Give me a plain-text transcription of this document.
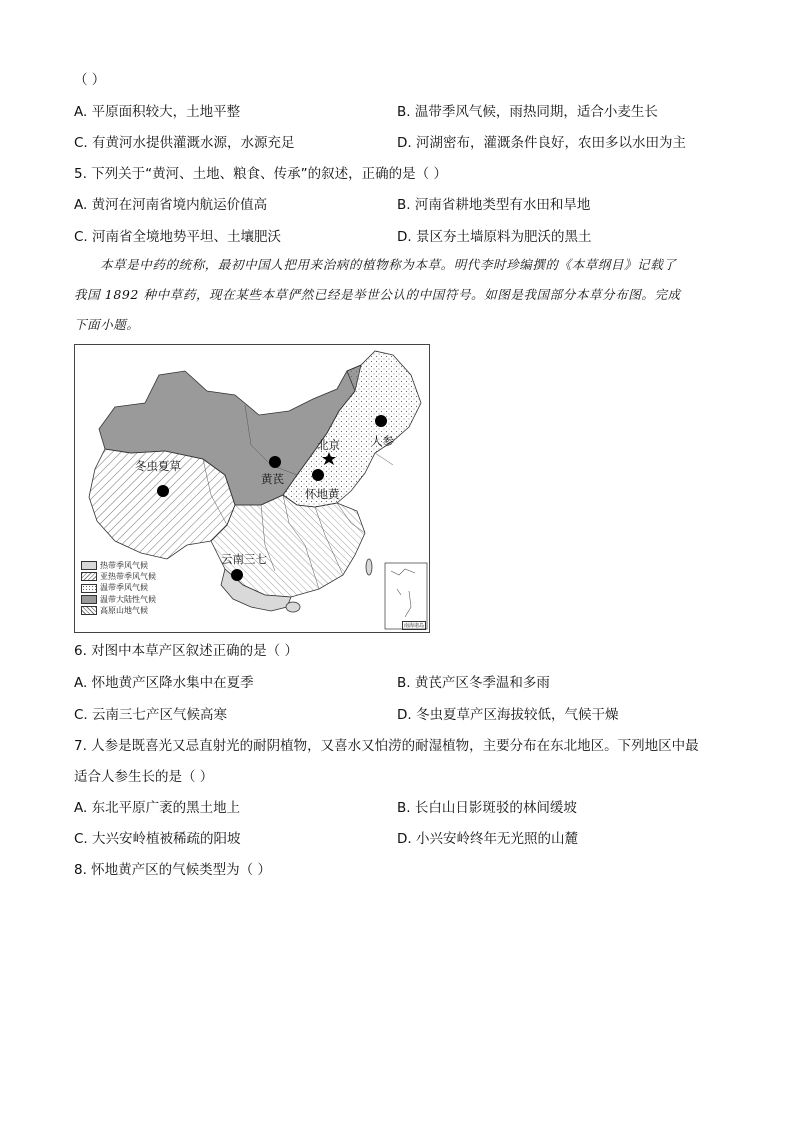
（ ）
A. 平原面积较大，土地平整	B. 温带季风气候，雨热同期，适合小麦生长
C. 有黄河水提供灌溉水源，水源充足	D. 河湖密布，灌溉条件良好，农田多以水田为主
5. 下列关于“黄河、土地、粮食、传承”的叙述，正确的是（ ）
A. 黄河在河南省境内航运价值高	B. 河南省耕地类型有水田和旱地
C. 河南省全境地势平坦、土壤肥沃	D. 景区夯土墙原料为肥沃的黑土
本草是中药的统称，最初中国人把用来治病的植物称为本草。明代李时珍编撰的《本草纲目》记载了
我国 1892 种中草药，现在某些本草俨然已经是举世公认的中国符号。如图是我国部分本草分布图。完成
下面小题。
人参
北京
黄芪
怀地黄
冬虫夏草
云南三七
热带季风气候
亚热带季风气候
温带季风气候
温带大陆性气候
高原山地气候
南海诸岛
6. 对图中本草产区叙述正确的是（ ）
A. 怀地黄产区降水集中在夏季	B. 黄芪产区冬季温和多雨
C. 云南三七产区气候高寒	D. 冬虫夏草产区海拔较低，气候干燥
7. 人参是既喜光又忌直射光的耐阴植物，又喜水又怕涝的耐湿植物，主要分布在东北地区。下列地区中最
适合人参生长的是（ ）
A. 东北平原广袤的黑土地上	B. 长白山日影斑驳的林间缓坡
C. 大兴安岭植被稀疏的阳坡	D. 小兴安岭终年无光照的山麓
8. 怀地黄产区的气候类型为（ ）
